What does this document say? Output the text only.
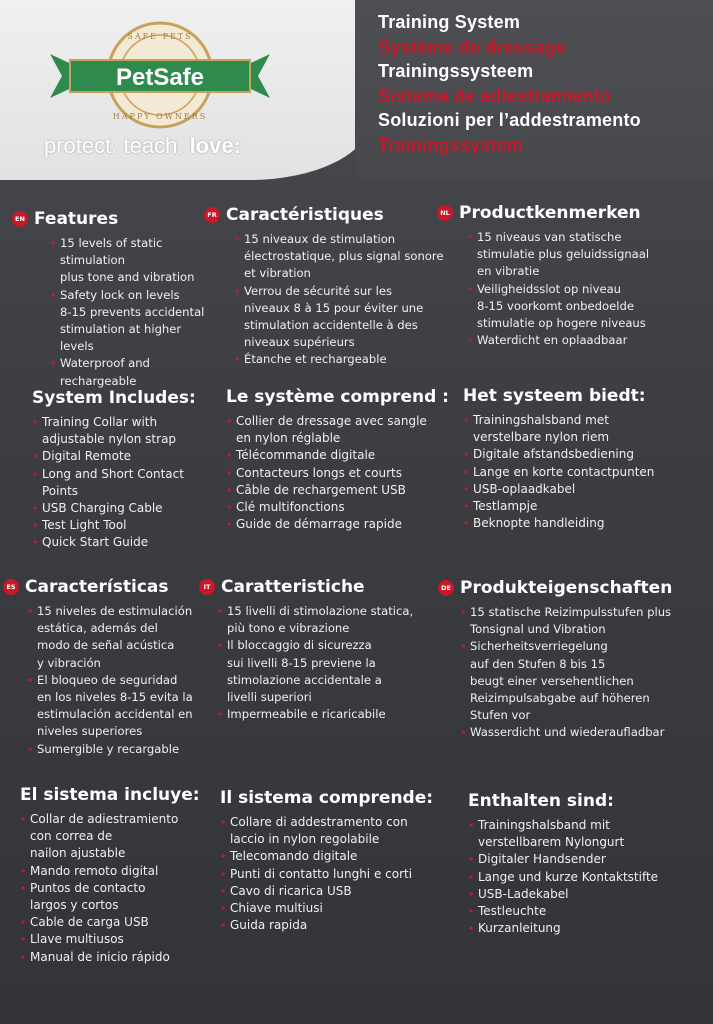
SAFE PETS
HAPPY OWNERS
PetSafe
protect. teach. love:
Training System
Système de dressage
Trainingssysteem
Sistema de adiestramiento
Soluzioni per l’addestramento
Trainingssystem
EN Features
• 15 levels of static stimulation
plus tone and vibration
• Safety lock on levels
8-15 prevents accidental
stimulation at higher levels
• Waterproof and rechargeable
FR Caractéristiques
• 15 niveaux de stimulation
électrostatique, plus signal sonore
et vibration
• Verrou de sécurité sur les
niveaux 8 à 15 pour éviter une
stimulation accidentelle à des
niveaux supérieurs
• Étanche et rechargeable
NL Productkenmerken
• 15 niveaus van statische
stimulatie plus geluidssignaal
en vibratie
• Veiligheidsslot op niveau
8-15 voorkomt onbedoelde
stimulatie op hogere niveaus
• Waterdicht en oplaadbaar
System Includes:
• Training Collar with
adjustable nylon strap
• Digital Remote
• Long and Short Contact Points
• USB Charging Cable
• Test Light Tool
• Quick Start Guide
Le système comprend :
• Collier de dressage avec sangle
en nylon réglable
• Télécommande digitale
• Contacteurs longs et courts
• Câble de rechargement USB
• Clé multifonctions
• Guide de démarrage rapide
Het systeem biedt:
• Trainingshalsband met
verstelbare nylon riem
• Digitale afstandsbediening
• Lange en korte contactpunten
• USB-oplaadkabel
• Testlampje
• Beknopte handleiding
ES Características
• 15 niveles de estimulación
estática, además del
modo de señal acústica
y vibración
• El bloqueo de seguridad
en los niveles 8-15 evita la
estimulación accidental en
niveles superiores
• Sumergible y recargable
IT Caratteristiche
• 15 livelli di stimolazione statica,
più tono e vibrazione
• Il bloccaggio di sicurezza
sui livelli 8-15 previene la
stimolazione accidentale a
livelli superiori
• Impermeabile e ricaricabile
DE Produkteigenschaften
• 15 statische Reizimpulsstufen plus
Tonsignal und Vibration
• Sicherheitsverriegelung
auf den Stufen 8 bis 15
beugt einer versehentlichen
Reizimpulsabgabe auf höheren
Stufen vor
• Wasserdicht und wiederaufladbar
El sistema incluye:
• Collar de adiestramiento
con correa de
nailon ajustable
• Mando remoto digital
• Puntos de contacto
largos y cortos
• Cable de carga USB
• Llave multiusos
• Manual de inicio rápido
Il sistema comprende:
• Collare di addestramento con
laccio in nylon regolabile
• Telecomando digitale
• Punti di contatto lunghi e corti
• Cavo di ricarica USB
• Chiave multiusi
• Guida rapida
Enthalten sind:
• Trainingshalsband mit
verstellbarem Nylongurt
• Digitaler Handsender
• Lange und kurze Kontaktstifte
• USB-Ladekabel
• Testleuchte
• Kurzanleitung
